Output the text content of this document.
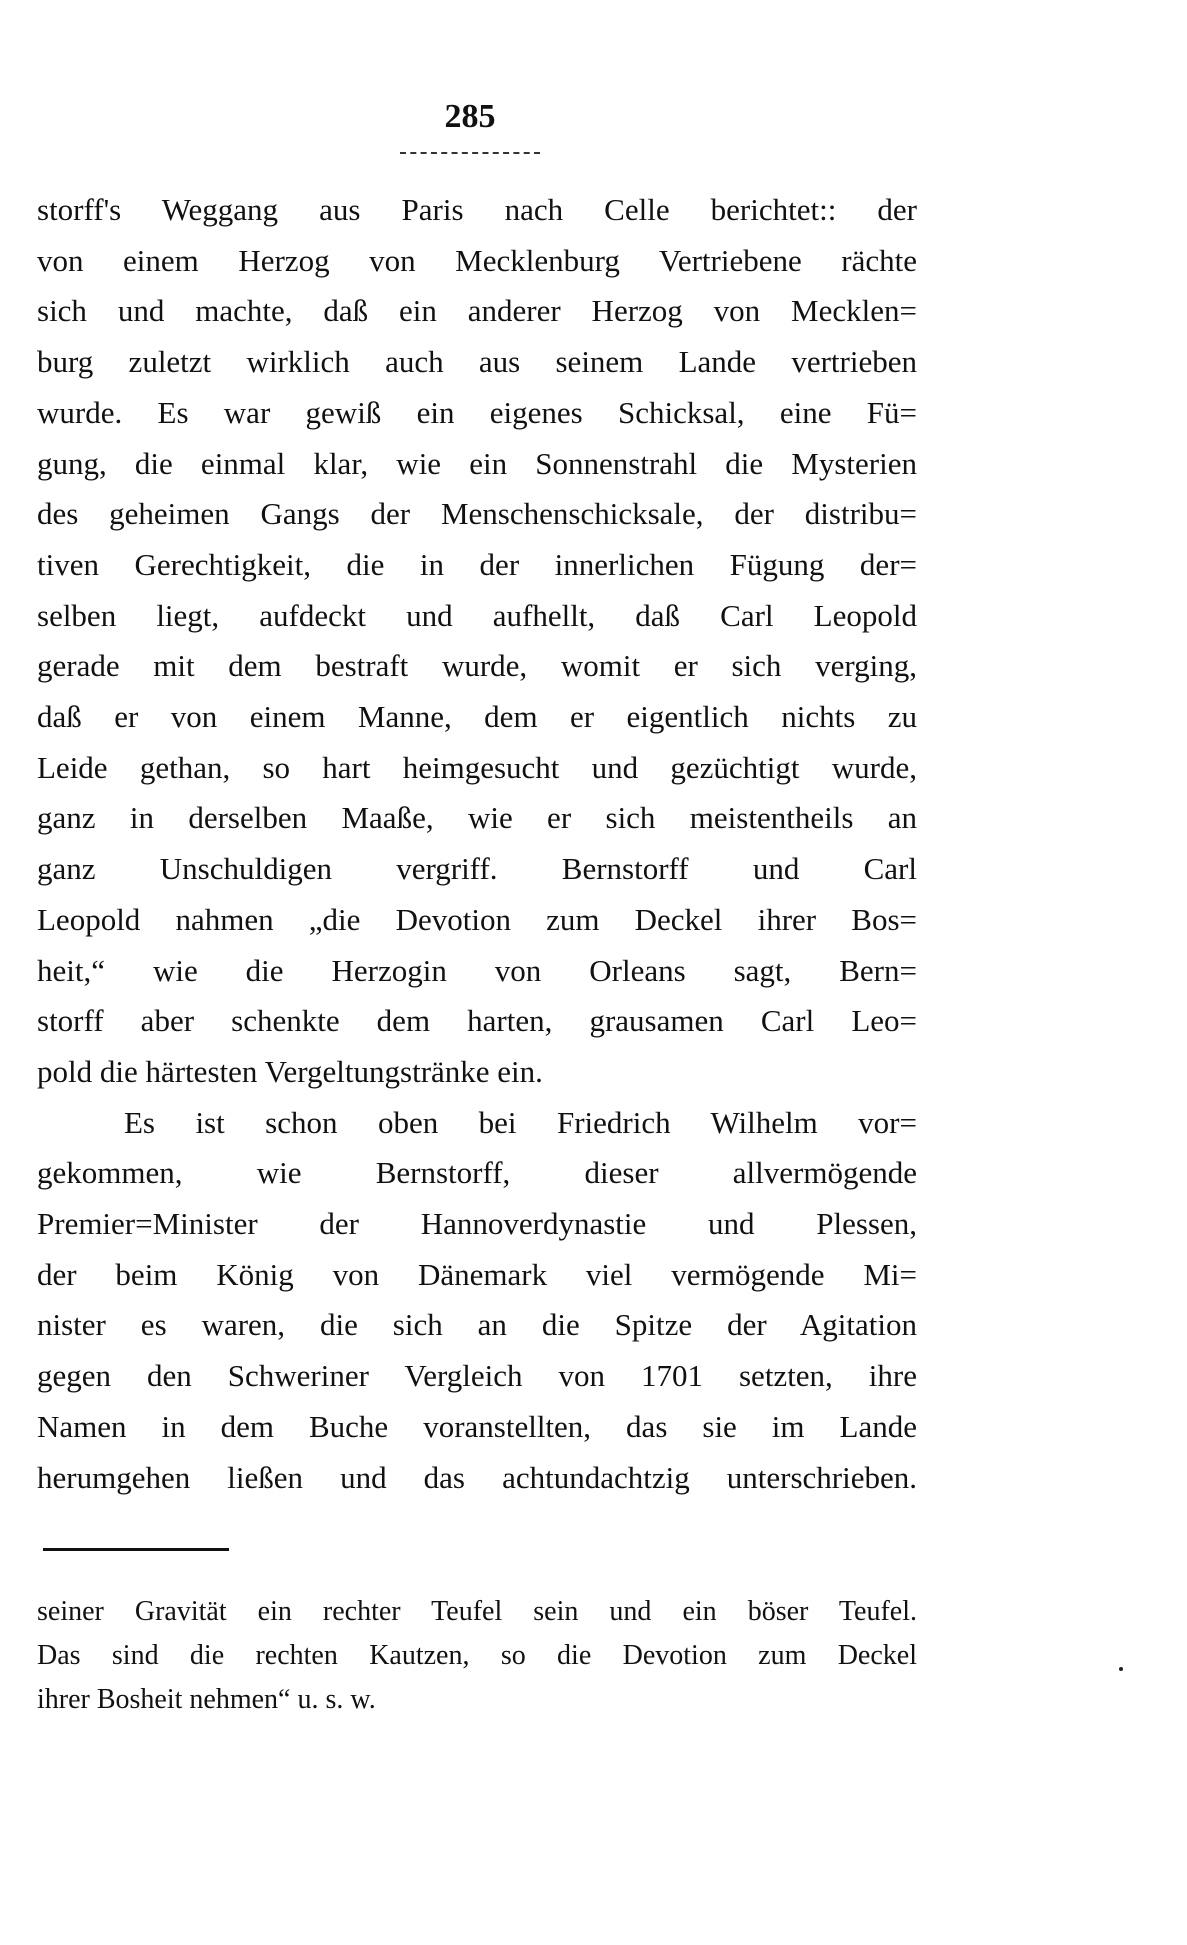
285
storff's Weggang aus Paris nach Celle berichtet:: der
von einem Herzog von Mecklenburg Vertriebene rächte
sich und machte, daß ein anderer Herzog von Mecklen=
burg zuletzt wirklich auch aus seinem Lande vertrieben
wurde. Es war gewiß ein eigenes Schicksal, eine Fü=
gung, die einmal klar, wie ein Sonnenstrahl die Mysterien
des geheimen Gangs der Menschenschicksale, der distribu=
tiven Gerechtigkeit, die in der innerlichen Fügung der=
selben liegt, aufdeckt und aufhellt, daß Carl Leopold
gerade mit dem bestraft wurde, womit er sich verging,
daß er von einem Manne, dem er eigentlich nichts zu
Leide gethan, so hart heimgesucht und gezüchtigt wurde,
ganz in derselben Maaße, wie er sich meistentheils an
ganz Unschuldigen vergriff. Bernstorff und Carl
Leopold nahmen „die Devotion zum Deckel ihrer Bos=
heit,“ wie die Herzogin von Orleans sagt, Bern=
storff aber schenkte dem harten, grausamen Carl Leo=
pold die härtesten Vergeltungstränke ein.
Es ist schon oben bei Friedrich Wilhelm vor=
gekommen, wie Bernstorff, dieser allvermögende
Premier=Minister der Hannoverdynastie und Plessen,
der beim König von Dänemark viel vermögende Mi=
nister es waren, die sich an die Spitze der Agitation
gegen den Schweriner Vergleich von 1701 setzten, ihre
Namen in dem Buche voranstellten, das sie im Lande
herumgehen ließen und das achtundachtzig unterschrieben.
seiner Gravität ein rechter Teufel sein und ein böser Teufel.
Das sind die rechten Kautzen, so die Devotion zum Deckel
ihrer Bosheit nehmen“ u. s. w.
